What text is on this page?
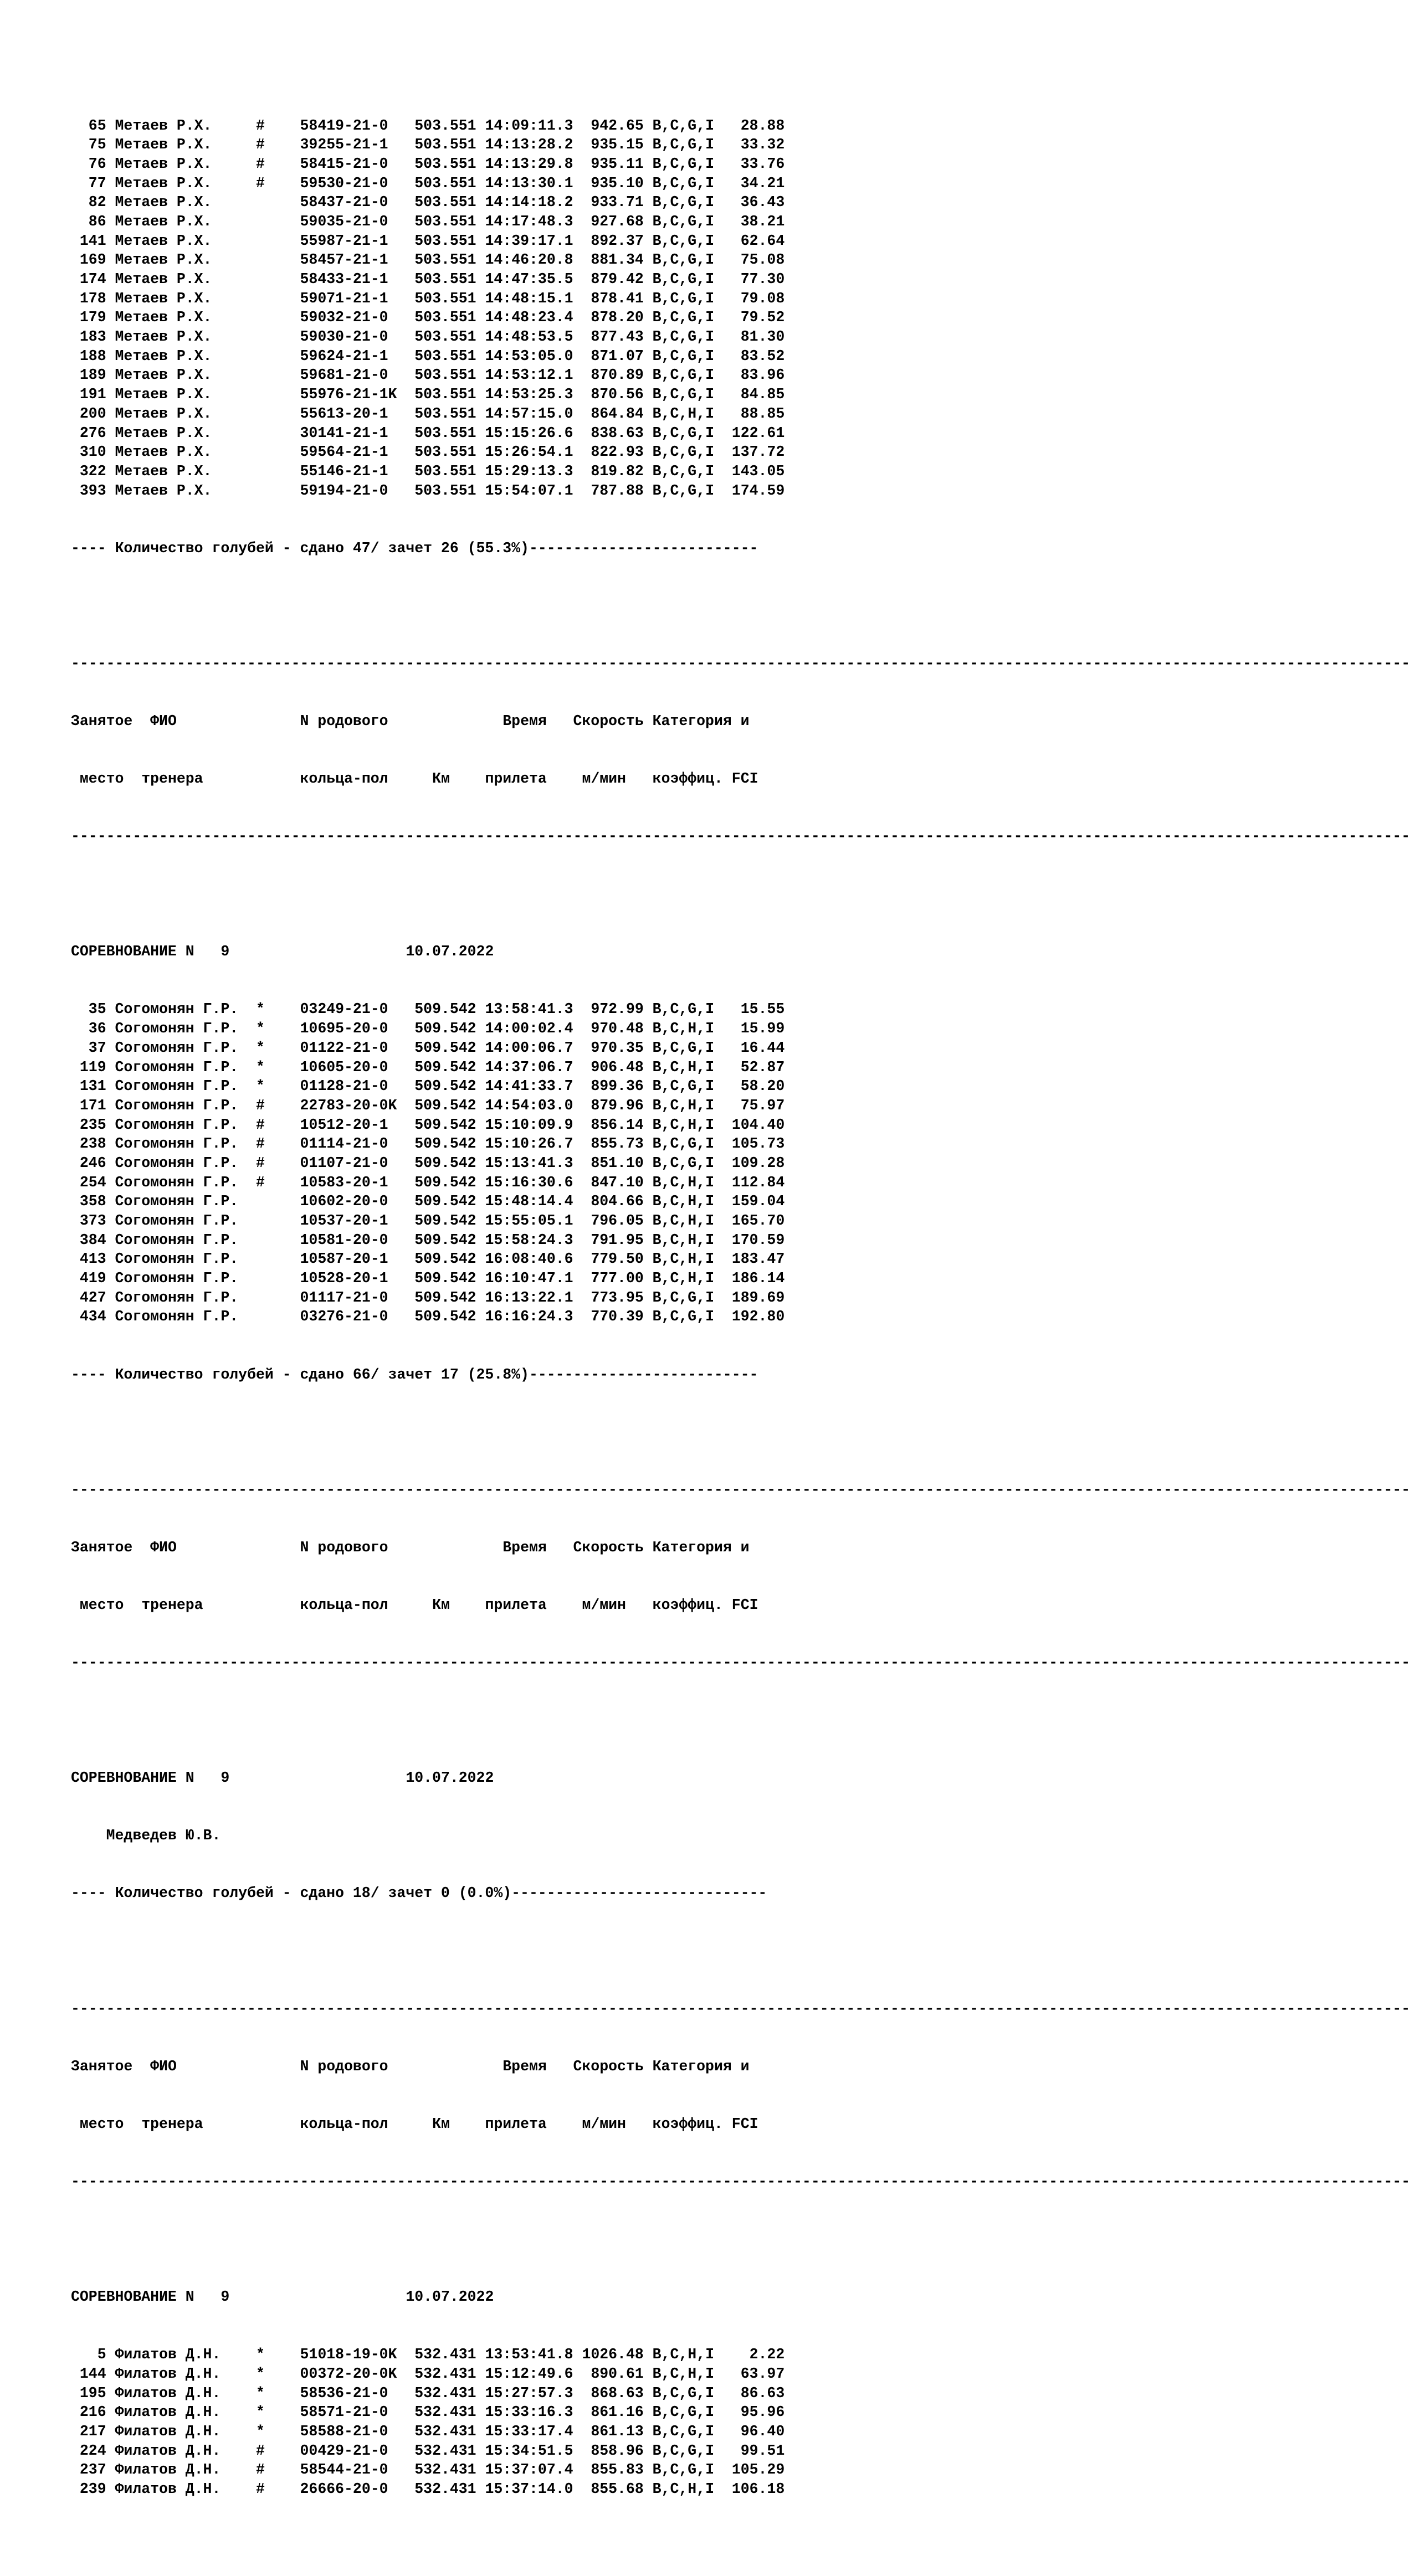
65 Метаев Р.Х.     # 58419-21-0   503.551 14:09:11.3  942.65 B,C,G,I   28.88
75 Метаев Р.Х.     # 39255-21-1   503.551 14:13:28.2  935.15 B,C,G,I   33.32
76 Метаев Р.Х.     # 58415-21-0   503.551 14:13:29.8  935.11 B,C,G,I   33.76
77 Метаев Р.Х.     # 59530-21-0   503.551 14:13:30.1  935.10 B,C,G,I   34.21
82 Метаев Р.Х.	58437-21-0   503.551 14:14:18.2  933.71 B,C,G,I   36.43
86 Метаев Р.Х.	59035-21-0   503.551 14:17:48.3  927.68 B,C,G,I   38.21
141 Метаев Р.Х.	55987-21-1   503.551 14:39:17.1  892.37 B,C,G,I   62.64
169 Метаев Р.Х.	58457-21-1   503.551 14:46:20.8  881.34 B,C,G,I   75.08
174 Метаев Р.Х.	58433-21-1   503.551 14:47:35.5  879.42 B,C,G,I   77.30
178 Метаев Р.Х.	59071-21-1   503.551 14:48:15.1  878.41 B,C,G,I   79.08
179 Метаев Р.Х.	59032-21-0   503.551 14:48:23.4  878.20 B,C,G,I   79.52
183 Метаев Р.Х.	59030-21-0   503.551 14:48:53.5  877.43 B,C,G,I   81.30
188 Метаев Р.Х.	59624-21-1   503.551 14:53:05.0  871.07 B,C,G,I   83.52
189 Метаев Р.Х.	59681-21-0   503.551 14:53:12.1  870.89 B,C,G,I   83.96
191 Метаев Р.Х.	55976-21-1K 503.551 14:53:25.3  870.56 B,C,G,I   84.85
200 Метаев Р.Х.	55613-20-1   503.551 14:57:15.0  864.84 B,C,H,I   88.85
276 Метаев Р.Х.	30141-21-1   503.551 15:15:26.6  838.63 B,C,G,I 122.61
310 Метаев Р.Х.	59564-21-1   503.551 15:26:54.1  822.93 B,C,G,I 137.72
322 Метаев Р.Х.	55146-21-1   503.551 15:29:13.3  819.82 B,C,G,I 143.05
393 Метаев Р.Х.	59194-21-0   503.551 15:54:07.1  787.88 B,C,G,I 174.59

---- Количество голубей - сдано 47/ зачет 26 (55.3%)--------------------------

--------------------------------------------------------------------------------------------------------------------------------------------------------

Занятое ФИО	N родового	Время Скорость Категория и

место тренера	кольца-пол	Км прилета м/мин коэффиц. FCI

--------------------------------------------------------------------------------------------------------------------------------------------------------

СОРЕВНОВАНИЕ N 9	10.07.2022

35 Согомонян Г.Р.  * 03249-21-0   509.542 13:58:41.3  972.99 B,C,G,I   15.55
36 Согомонян Г.Р.  * 10695-20-0   509.542 14:00:02.4  970.48 B,C,H,I   15.99
37 Согомонян Г.Р.  * 01122-21-0   509.542 14:00:06.7  970.35 B,C,G,I   16.44
119 Согомонян Г.Р.  * 10605-20-0   509.542 14:37:06.7  906.48 B,C,H,I   52.87
131 Согомонян Г.Р.  * 01128-21-0   509.542 14:41:33.7  899.36 B,C,G,I   58.20
171 Согомонян Г.Р.  # 22783-20-0K 509.542 14:54:03.0  879.96 B,C,H,I   75.97
235 Согомонян Г.Р.  # 10512-20-1   509.542 15:10:09.9  856.14 B,C,H,I 104.40
238 Согомонян Г.Р.  # 01114-21-0   509.542 15:10:26.7  855.73 B,C,G,I 105.73
246 Согомонян Г.Р.  # 01107-21-0   509.542 15:13:41.3  851.10 B,C,G,I 109.28
254 Согомонян Г.Р.  # 10583-20-1   509.542 15:16:30.6  847.10 B,C,H,I 112.84
358 Согомонян Г.Р.	10602-20-0   509.542 15:48:14.4  804.66 B,C,H,I 159.04
373 Согомонян Г.Р.	10537-20-1   509.542 15:55:05.1  796.05 B,C,H,I 165.70
384 Согомонян Г.Р.	10581-20-0   509.542 15:58:24.3  791.95 B,C,H,I 170.59
413 Согомонян Г.Р.	10587-20-1   509.542 16:08:40.6  779.50 B,C,H,I 183.47
419 Согомонян Г.Р.	10528-20-1   509.542 16:10:47.1  777.00 B,C,H,I 186.14
427 Согомонян Г.Р.	01117-21-0   509.542 16:13:22.1  773.95 B,C,G,I 189.69
434 Согомонян Г.Р.	03276-21-0   509.542 16:16:24.3  770.39 B,C,G,I 192.80

---- Количество голубей - сдано 66/ зачет 17 (25.8%)--------------------------

--------------------------------------------------------------------------------------------------------------------------------------------------------

Занятое ФИО	N родового	Время Скорость Категория и

место тренера	кольца-пол	Км прилета м/мин коэффиц. FCI

--------------------------------------------------------------------------------------------------------------------------------------------------------

СОРЕВНОВАНИЕ N 9	10.07.2022

Медведев Ю.В.

---- Количество голубей - сдано 18/ зачет 0 (0.0%)-----------------------------

--------------------------------------------------------------------------------------------------------------------------------------------------------

Занятое ФИО	N родового	Время Скорость Категория и

место тренера	кольца-пол	Км прилета м/мин коэффиц. FCI

--------------------------------------------------------------------------------------------------------------------------------------------------------

СОРЕВНОВАНИЕ N 9	10.07.2022

5 Филатов Д.Н.    * 51018-19-0K 532.431 13:53:41.8 1026.48 B,C,H,I    2.22
144 Филатов Д.Н.    * 00372-20-0K 532.431 15:12:49.6  890.61 B,C,H,I   63.97
195 Филатов Д.Н.    * 58536-21-0   532.431 15:27:57.3  868.63 B,C,G,I   86.63
216 Филатов Д.Н.    * 58571-21-0   532.431 15:33:16.3  861.16 B,C,G,I   95.96
217 Филатов Д.Н.    * 58588-21-0   532.431 15:33:17.4  861.13 B,C,G,I   96.40
224 Филатов Д.Н.    # 00429-21-0   532.431 15:34:51.5  858.96 B,C,G,I   99.51
237 Филатов Д.Н.    # 58544-21-0   532.431 15:37:07.4  855.83 B,C,G,I 105.29
239 Филатов Д.Н.    # 26666-20-0   532.431 15:37:14.0  855.68 B,C,H,I 106.18
